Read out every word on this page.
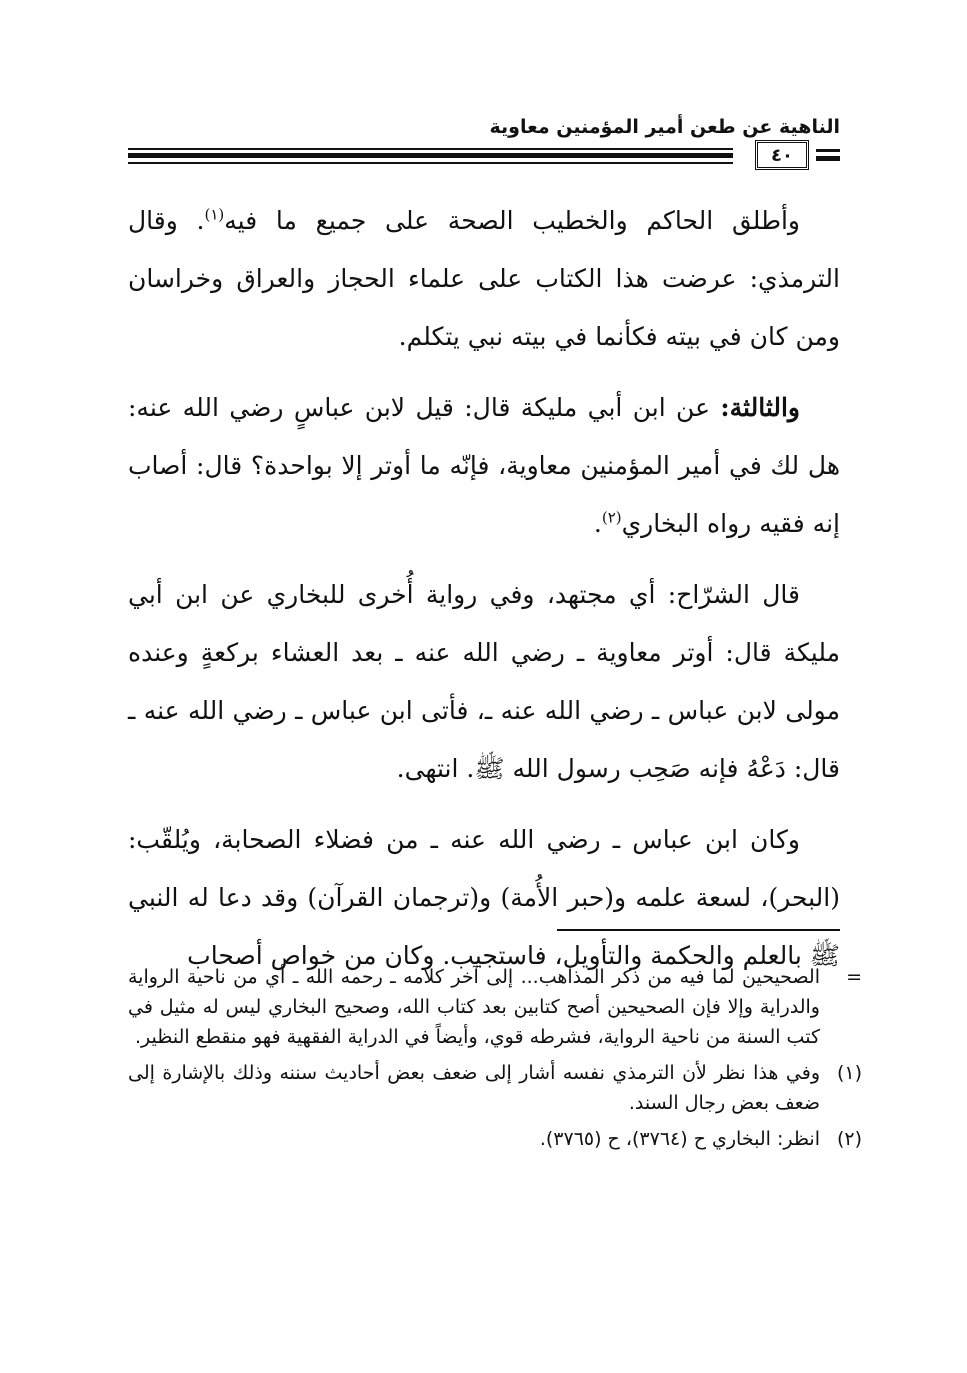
الناهية عن طعن أمير المؤمنين معاوية
٤٠

وأطلق الحاكم والخطيب الصحة على جميع ما فيه$^{(١)}$. وقال الترمذي: عرضت هذا الكتاب على علماء الحجاز والعراق وخراسان ومن كان في بيته فكأنما في بيته نبي يتكلم.

والثالثة: عن ابن أبي مليكة قال: قيل لابن عباسٍ رضي الله عنه: هل لك في أمير المؤمنين معاوية، فإنّه ما أوتر إلا بواحدة؟ قال: أصاب إنه فقيه رواه البخاري$^{(٢)}$.

قال الشرّاح: أي مجتهد، وفي رواية أُخرى للبخاري عن ابن أبي مليكة قال: أوتر معاوية ـ رضي الله عنه ـ بعد العشاء بركعةٍ وعنده مولى لابن عباس ـ رضي الله عنه ـ، فأتى ابن عباس ـ رضي الله عنه ـ قال: دَعْهُ فإنه صَحِب رسول الله ﷺ. انتهى.

وكان ابن عباس ـ رضي الله عنه ـ من فضلاء الصحابة، ويُلقّب: (البحر)، لسعة علمه و(حبر الأُمة) و(ترجمان القرآن) وقد دعا له النبي ﷺ بالعلم والحكمة والتأويل، فاستجيب. وكان من خواص أصحاب

=
الصحيحين لما فيه من ذكر المذاهب... إلى آخر كلامه ـ رحمه الله ـ أي من ناحية الرواية والدراية وإلا فإن الصحيحين أصح كتابين بعد كتاب الله، وصحيح البخاري ليس له مثيل في كتب السنة من ناحية الرواية، فشرطه قوي، وأيضاً في الدراية الفقهية فهو منقطع النظير.
(١)
وفي هذا نظر لأن الترمذي نفسه أشار إلى ضعف بعض أحاديث سننه وذلك بالإشارة إلى ضعف بعض رجال السند.
(٢)
انظر: البخاري ح (٣٧٦٤)، ح (٣٧٦٥).
